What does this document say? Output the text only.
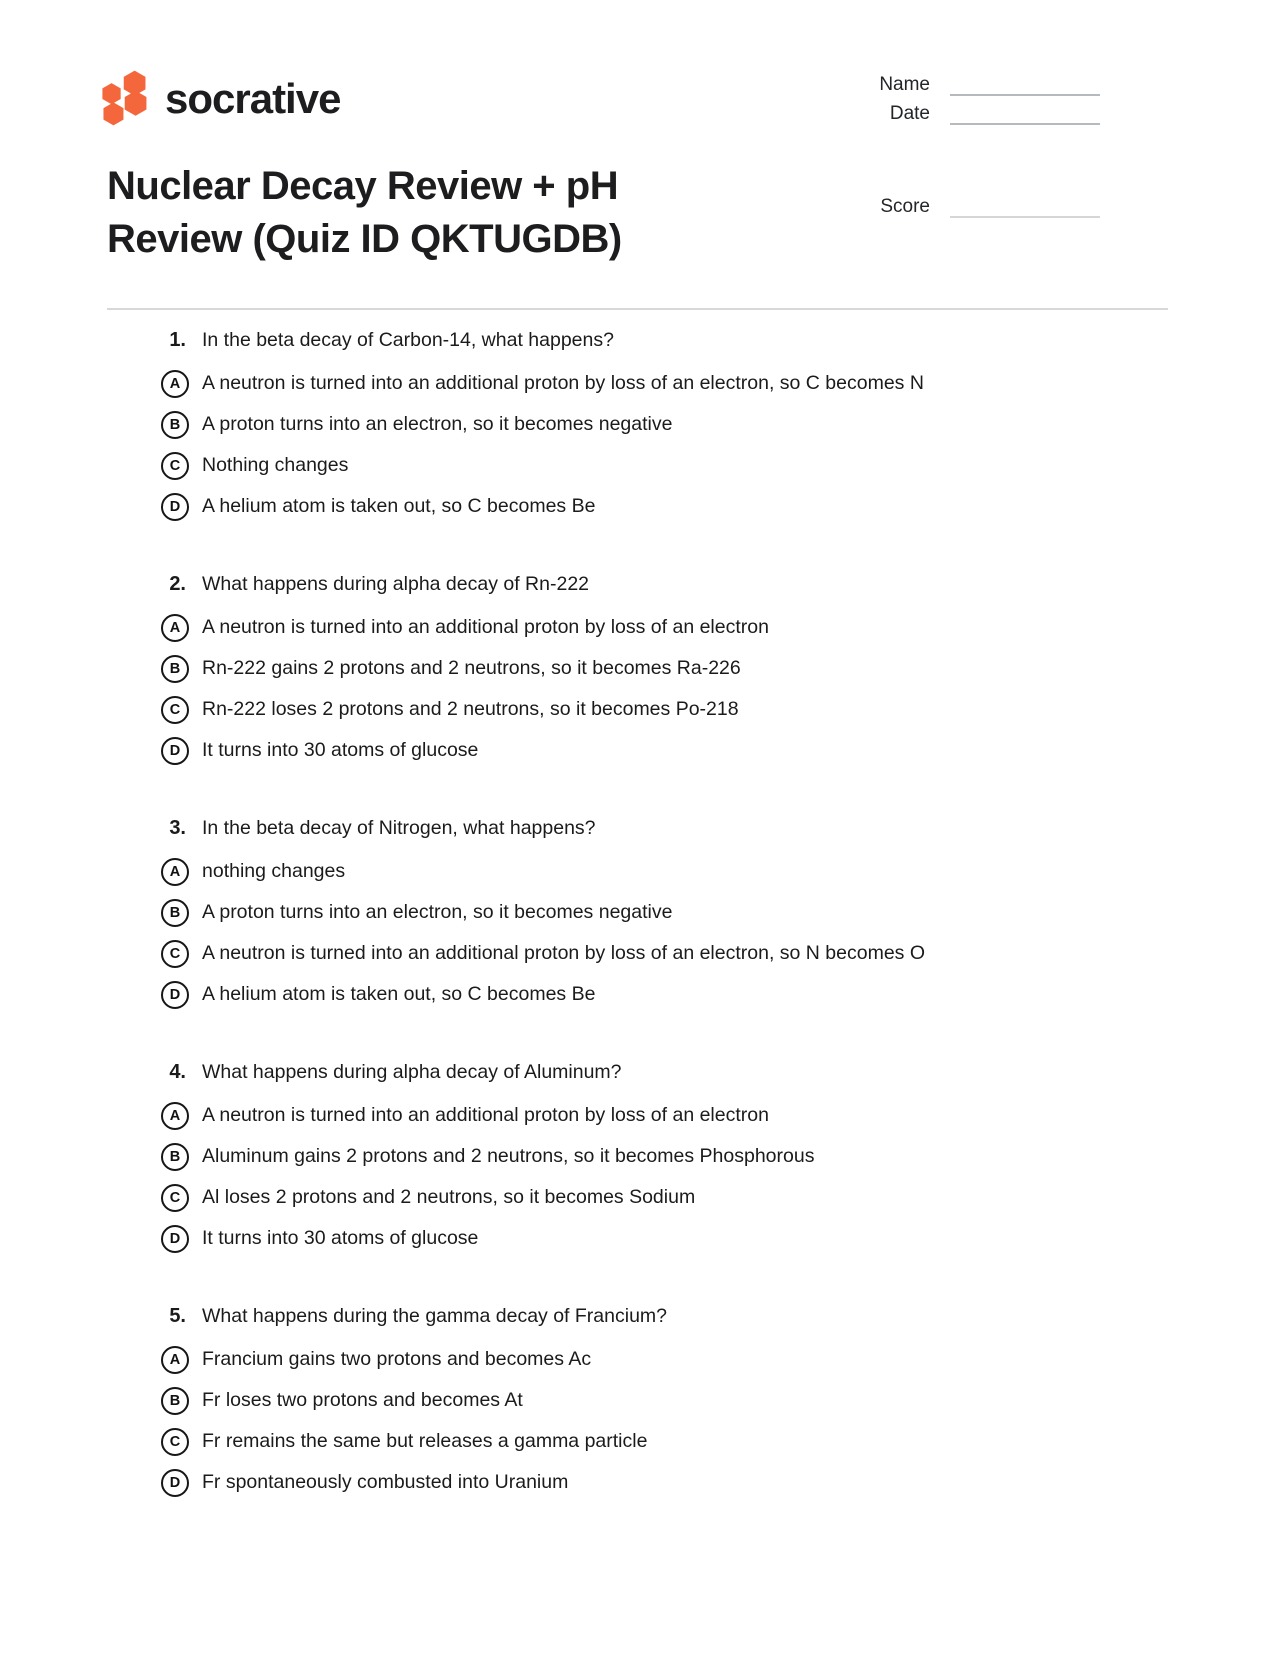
socrative	Name
Date
Nuclear Decay Review + pH Review (Quiz ID QKTUGDB)
Score
1. In the beta decay of Carbon-14, what happens?
A	A neutron is turned into an additional proton by loss of an electron, so C becomes N
B	A proton turns into an electron, so it becomes negative
C	Nothing changes
D	A helium atom is taken out, so C becomes Be
2. What happens during alpha decay of Rn-222
A	A neutron is turned into an additional proton by loss of an electron
B	Rn-222 gains 2 protons and 2 neutrons, so it becomes Ra-226
C	Rn-222 loses 2 protons and 2 neutrons, so it becomes Po-218
D	It turns into 30 atoms of glucose
3. In the beta decay of Nitrogen, what happens?
A	nothing changes
B	A proton turns into an electron, so it becomes negative
C	A neutron is turned into an additional proton by loss of an electron, so N becomes O
D	A helium atom is taken out, so C becomes Be
4. What happens during alpha decay of Aluminum?
A	A neutron is turned into an additional proton by loss of an electron
B	Aluminum gains 2 protons and 2 neutrons, so it becomes Phosphorous
C	Al loses 2 protons and 2 neutrons, so it becomes Sodium
D	It turns into 30 atoms of glucose
5. What happens during the gamma decay of Francium?
A	Francium gains two protons and becomes Ac
B	Fr loses two protons and becomes At
C	Fr remains the same but releases a gamma particle
D	Fr spontaneously combusted into Uranium
